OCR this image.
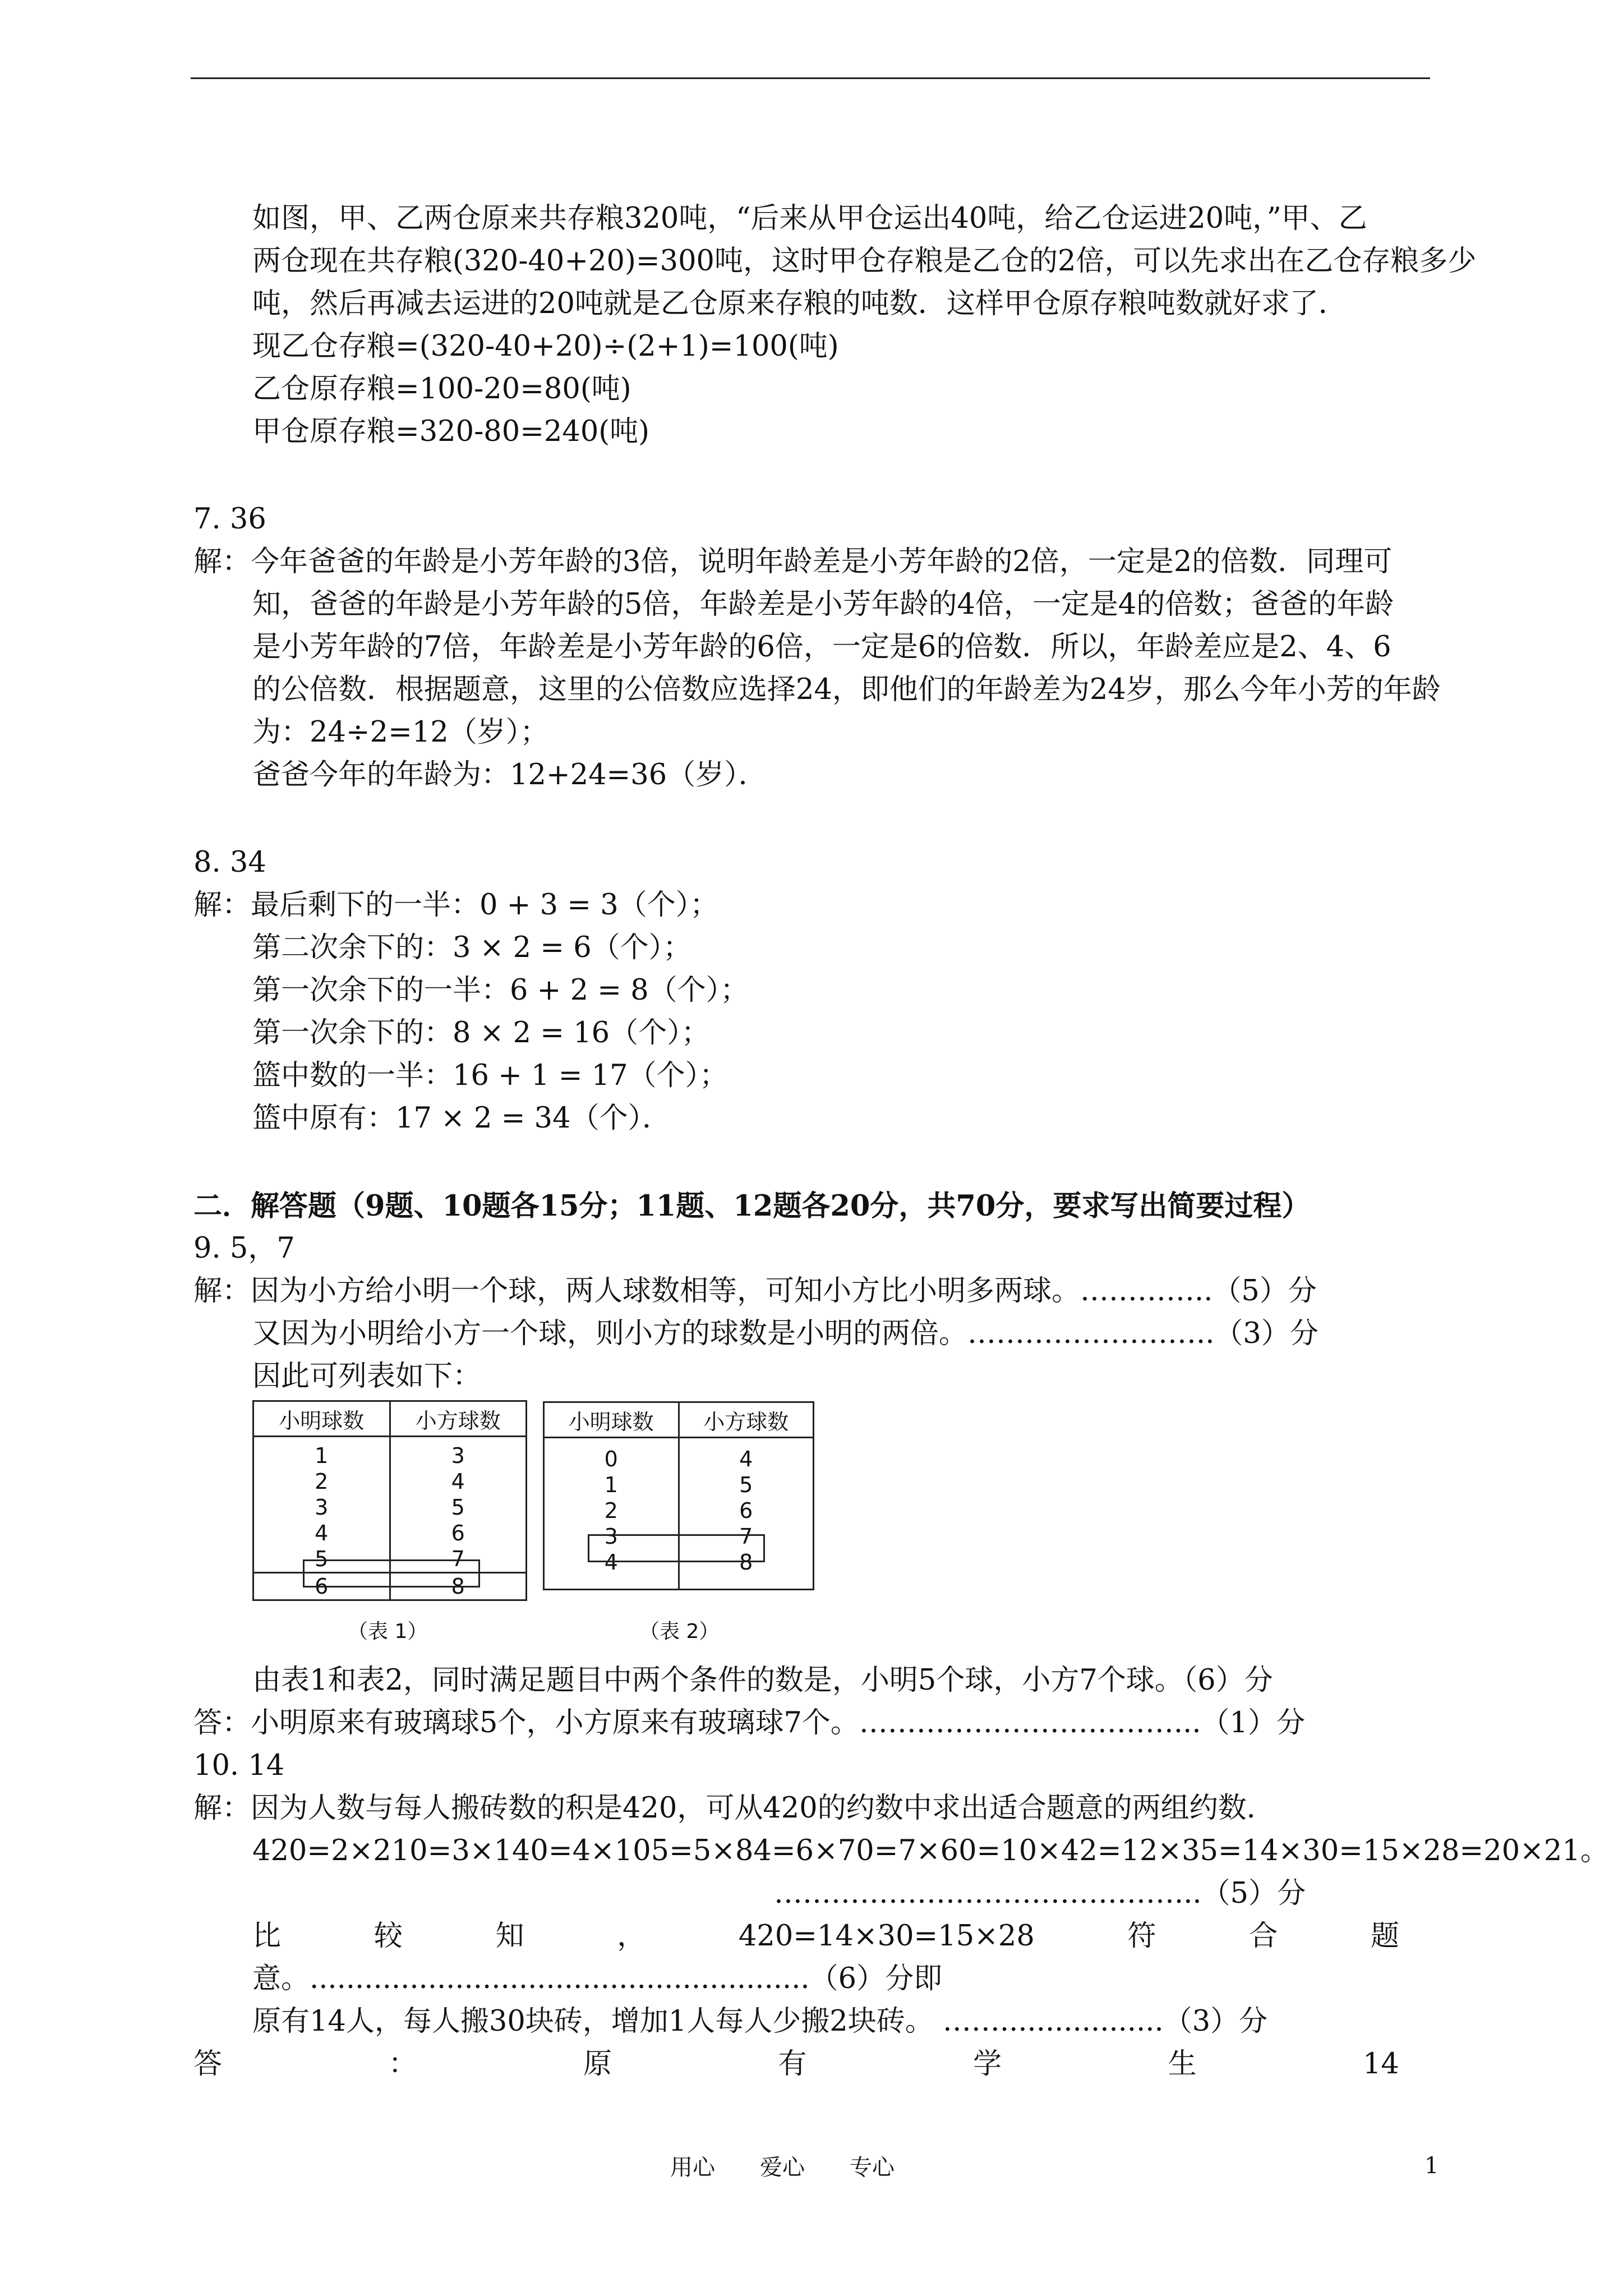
如图，甲、乙两仓原来共存粮320吨，“后来从甲仓运出40吨，给乙仓运进20吨，”甲、乙
两仓现在共存粮(320-40+20)=300吨，这时甲仓存粮是乙仓的2倍，可以先求出在乙仓存粮多少
吨，然后再减去运进的20吨就是乙仓原来存粮的吨数．这样甲仓原存粮吨数就好求了．
现乙仓存粮=(320-40+20)÷(2+1)=100(吨)
乙仓原存粮=100-20=80(吨)
甲仓原存粮=320-80=240(吨)
7. 36
解：今年爸爸的年龄是小芳年龄的3倍，说明年龄差是小芳年龄的2倍，一定是2的倍数．同理可
知，爸爸的年龄是小芳年龄的5倍，年龄差是小芳年龄的4倍，一定是4的倍数；爸爸的年龄
是小芳年龄的7倍，年龄差是小芳年龄的6倍，一定是6的倍数．所以，年龄差应是2、4、6
的公倍数．根据题意，这里的公倍数应选择24，即他们的年龄差为24岁，那么今年小芳的年龄
为：24÷2=12（岁）；
爸爸今年的年龄为：12+24=36（岁）．
8. 34
解：最后剩下的一半：0 + 3 = 3（个）；
第二次余下的：3 × 2 = 6（个）；
第一次余下的一半：6 + 2 = 8（个）；
第一次余下的：8 × 2 = 16（个）；
篮中数的一半：16 + 1 = 17（个）；
篮中原有：17 × 2 = 34（个）．
二．解答题（9题、10题各15分；11题、12题各20分，共70分，要求写出简要过程）
9. 5，7
解：因为小方给小明一个球，两人球数相等，可知小方比小明多两球。…………..（5）分
又因为小明给小方一个球，则小方的球数是小明的两倍。……………………..（3）分
因此可列表如下：
小明球数	小方球数
1	3
2	4
3	5
4	6
5	7
6	8
（表 1）
小明球数	小方球数
0	4
1	5
2	6
3	7
4	8
（表 2）
由表1和表2，同时满足题目中两个条件的数是，小明5个球，小方7个球。（6）分
答：小明原来有玻璃球5个，小方原来有玻璃球7个。……………………………...（1）分
10. 14
解：因为人数与每人搬砖数的积是420，可从420的约数中求出适合题意的两组约数．
420=2×210=3×140=4×105=5×84=6×70=7×60=10×42=12×35=14×30=15×28=20×21。
……………………………………...（5）分
比	较	知	，	420=14×30=15×28	符	合	题
意。.......................................................（6）分即
原有14人，每人搬30块砖，增加1人每人少搬2块砖。 ……..................（3）分
答	：	原	有	学	生	14
用心　　爱心　　专心	1
